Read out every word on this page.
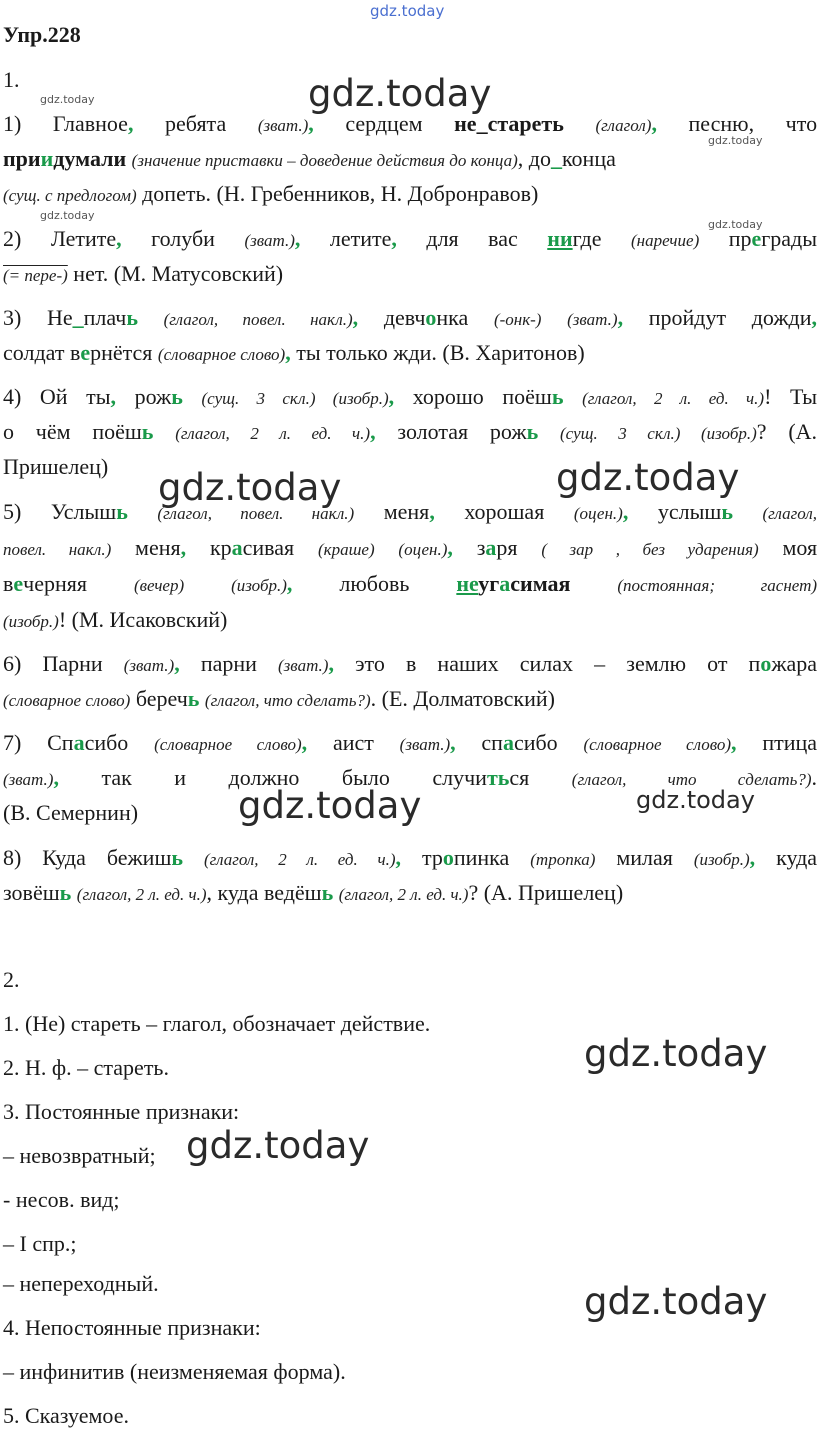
gdz.today
Упр.228
1.
1) Главное, ребята (зват.), сердцем не_стареть (глагол), песню, что
приидумали (значение приставки – доведение действия до конца), до_конца
(сущ. с предлогом) допеть. (Н. Гребенников, Н. Добронравов)
2) Летите, голуби (зват.), летите, для вас нигде (наречие) преграды
(= пере-) нет. (М. Матусовский)
3) Не_плачь (глагол, повел. накл.), девчонка (-онк-) (зват.), пройдут дожди,
солдат вернётся (словарное слово), ты только жди. (В. Харитонов)
4) Ой ты, рожь (сущ. 3 скл.) (изобр.), хорошо поёшь (глагол, 2 л. ед. ч.)! Ты
о чём поёшь (глагол, 2 л. ед. ч.), золотая рожь (сущ. 3 скл.) (изобр.)? (А.
Пришелец)
5) Услышь (глагол, повел. накл.) меня, хорошая (оцен.), услышь (глагол,
повел. накл.) меня, красивая (краше) (оцен.), заря ( зар , без ударения) моя
вечерняя	(вечер)	(изобр.), любовь неугасимая	(постоянная; гаснет)
(изобр.)! (М. Исаковский)
6) Парни (зват.), парни (зват.), это в наших силах – землю от пожара
(словарное слово) беречь (глагол, что сделать?). (Е. Долматовский)
7) Спасибо (словарное слово), аист (зват.), спасибо (словарное слово), птица
(зват.), так и должно было случиться	(глагол, что сделать?).
(В. Семернин)
8) Куда бежишь (глагол, 2 л. ед. ч.), тропинка (тропка) милая (изобр.), куда
зовёшь (глагол, 2 л. ед. ч.), куда ведёшь (глагол, 2 л. ед. ч.)? (А. Пришелец)
2.
1. (Не) стареть – глагол, обозначает действие.
2. Н. ф. – стареть.
3. Постоянные признаки:
– невозвратный;
- несов. вид;
– I спр.;
– непереходный.
4. Непостоянные признаки:
– инфинитив (неизменяемая форма).
5. Сказуемое.
gdz.today
gdz.today	gdz.today
gdz.today
gdz.today
gdz.today
gdz.today
gdz.today
gdz.today
gdz.today
gdz.today
gdz.today
